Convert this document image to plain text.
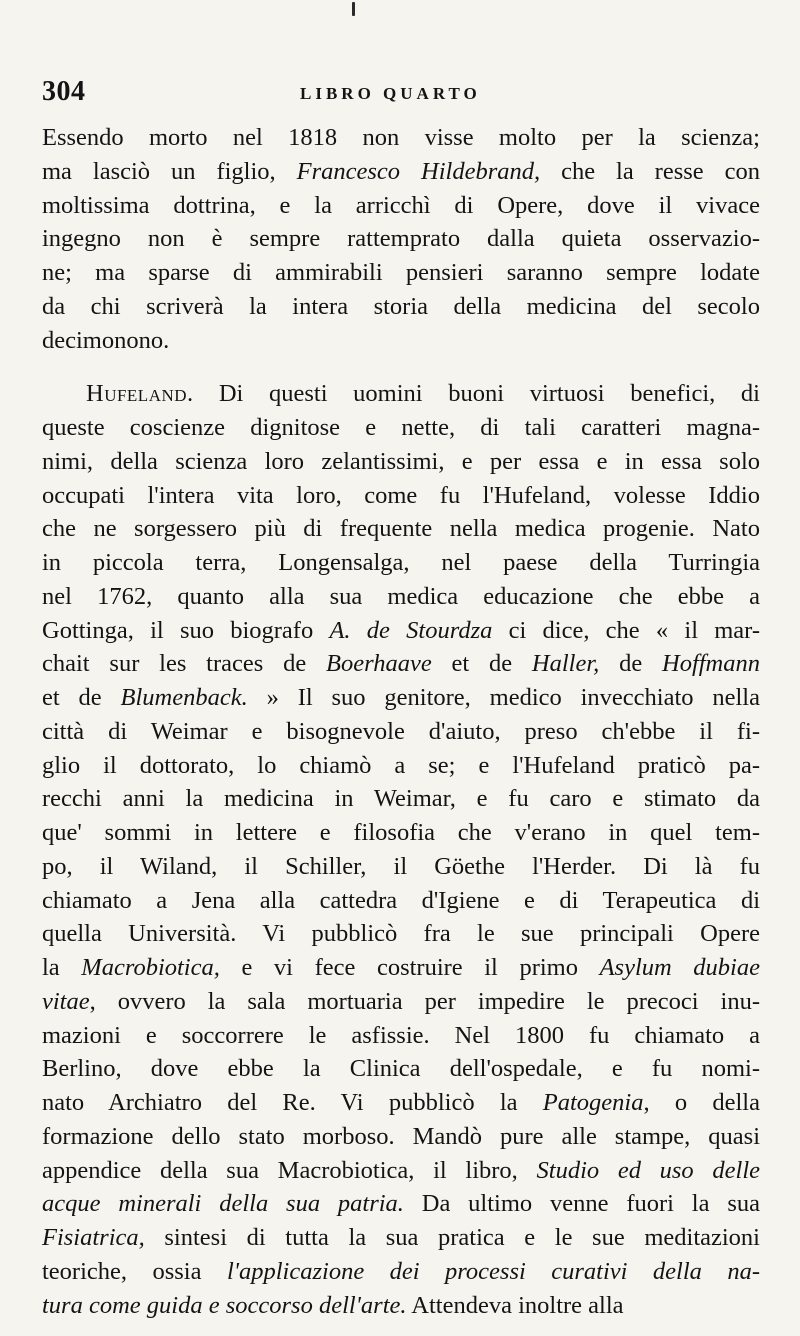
304	LIBRO QUARTO
Essendo morto nel 1818 non visse molto per la scienza;
ma lasciò un figlio, Francesco Hildebrand, che la resse con
moltissima dottrina, e la arricchì di Opere, dove il vivace
ingegno non è sempre rattemprato dalla quieta osservazio-
ne; ma sparse di ammirabili pensieri saranno sempre lodate
da chi scriverà la intera storia della medicina del secolo
decimonono.
Hufeland. Di questi uomini buoni virtuosi benefici, di
queste coscienze dignitose e nette, di tali caratteri magna-
nimi, della scienza loro zelantissimi, e per essa e in essa solo
occupati l'intera vita loro, come fu l'Hufeland, volesse Iddio
che ne sorgessero più di frequente nella medica progenie. Nato
in piccola terra, Longensalga, nel paese della Turringia
nel 1762, quanto alla sua medica educazione che ebbe a
Gottinga, il suo biografo A. de Stourdza ci dice, che « il mar-
chait sur les traces de Boerhaave et de Haller, de Hoffmann
et de Blumenback. » Il suo genitore, medico invecchiato nella
città di Weimar e bisognevole d'aiuto, preso ch'ebbe il fi-
glio il dottorato, lo chiamò a se; e l'Hufeland praticò pa-
recchi anni la medicina in Weimar, e fu caro e stimato da
que' sommi in lettere e filosofia che v'erano in quel tem-
po, il Wiland, il Schiller, il Göethe l'Herder. Di là fu
chiamato a Jena alla cattedra d'Igiene e di Terapeutica di
quella Università. Vi pubblicò fra le sue principali Opere
la Macrobiotica, e vi fece costruire il primo Asylum dubiae
vitae, ovvero la sala mortuaria per impedire le precoci inu-
mazioni e soccorrere le asfissie. Nel 1800 fu chiamato a
Berlino, dove ebbe la Clinica dell'ospedale, e fu nomi-
nato Archiatro del Re. Vi pubblicò la Patogenia, o della
formazione dello stato morboso. Mandò pure alle stampe, quasi
appendice della sua Macrobiotica, il libro, Studio ed uso delle
acque minerali della sua patria. Da ultimo venne fuori la sua
Fisiatrica, sintesi di tutta la sua pratica e le sue meditazioni
teoriche, ossia l'applicazione dei processi curativi della na-
tura come guida e soccorso dell'arte. Attendeva inoltre alla
